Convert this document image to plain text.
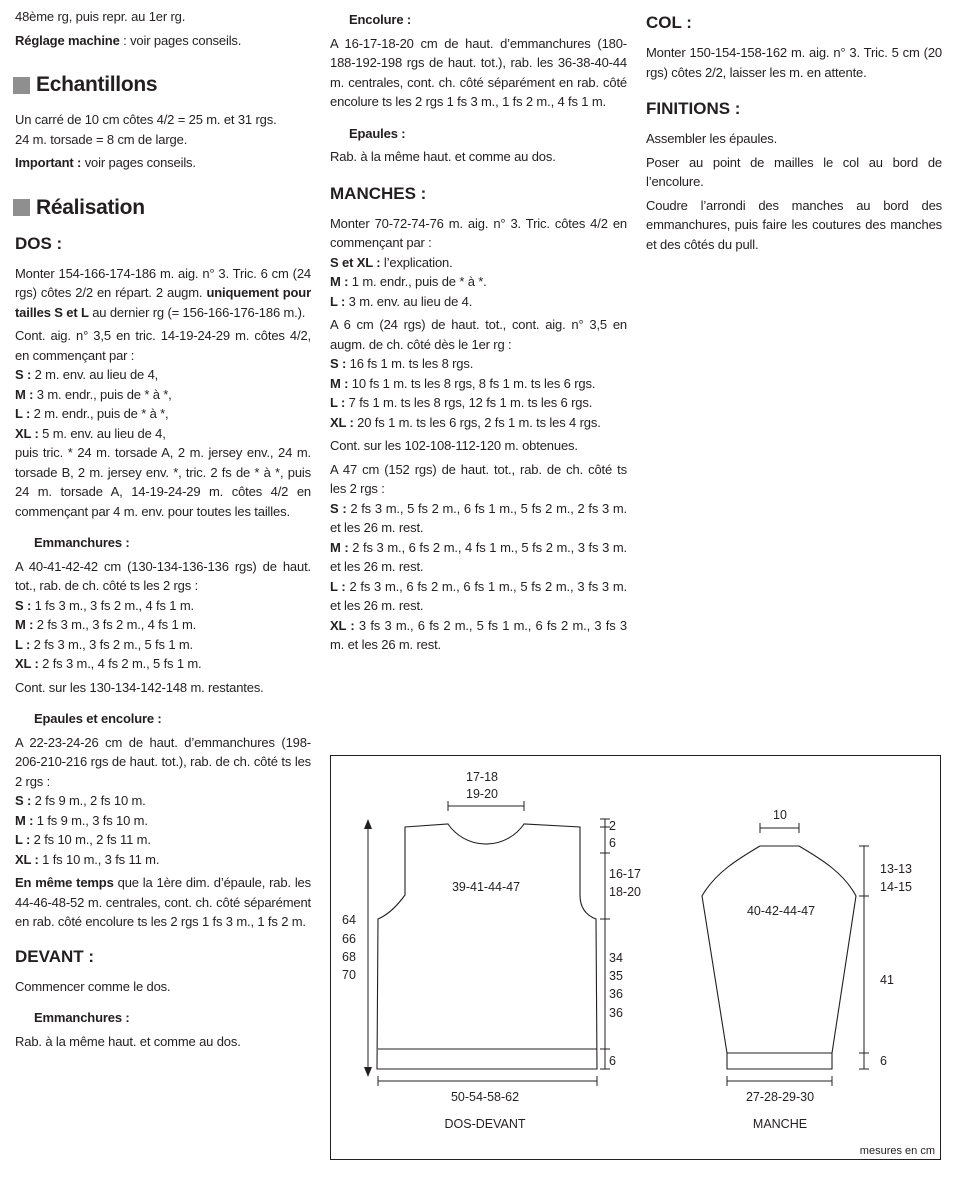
48ème rg, puis repr. au 1er rg.

Réglage machine : voir pages conseils.

Echantillons

Un carré de 10 cm côtes 4/2 = 25 m. et 31 rgs.

24 m. torsade = 8 cm de large.

Important : voir pages conseils.

Réalisation
DOS :

Monter 154-166-174-186 m. aig. n° 3. Tric. 6 cm (24 rgs) côtes 2/2 en répart. 2 augm. uniquement pour tailles S et L au dernier rg (= 156-166-176-186 m.).

Cont. aig. n° 3,5 en tric. 14-19-24-29 m. côtes 4/2, en commençant par :

S : 2 m. env. au lieu de 4,

M : 3 m. endr., puis de * à *,

L : 2 m. endr., puis de * à *,

XL : 5 m. env. au lieu de 4,

puis tric. * 24 m. torsade A, 2 m. jersey env., 24 m. torsade B, 2 m. jersey env. *, tric. 2 fs de * à *, puis 24 m. torsade A, 14-19-24-29 m. côtes 4/2 en commençant par 4 m. env. pour toutes les tailles.

Emmanchures :

A 40-41-42-42 cm (130-134-136-136 rgs) de haut. tot., rab. de ch. côté ts les 2 rgs :

S : 1 fs 3 m., 3 fs 2 m., 4 fs 1 m.

M : 2 fs 3 m., 3 fs 2 m., 4 fs 1 m.

L : 2 fs 3 m., 3 fs 2 m., 5 fs 1 m.

XL : 2 fs 3 m., 4 fs 2 m., 5 fs 1 m.

Cont. sur les 130-134-142-148 m. restantes.

Epaules et encolure :

A 22-23-24-26 cm de haut. d’emmanchures (198-206-210-216 rgs de haut. tot.), rab. de ch. côté ts les 2 rgs :

S : 2 fs 9 m., 2 fs 10 m.

M : 1 fs 9 m., 3 fs 10 m.

L : 2 fs 10 m., 2 fs 11 m.

XL : 1 fs 10 m., 3 fs 11 m.

En même temps que la 1ère dim. d’épaule, rab. les 44-46-48-52 m. centrales, cont. ch. côté séparément en rab. côté encolure ts les 2 rgs 1 fs 3 m., 1 fs 2 m.

DEVANT :

Commencer comme le dos.

Emmanchures :

Rab. à la même haut. et comme au dos.

Encolure :

A 16-17-18-20 cm de haut. d’emmanchures (180-188-192-198 rgs de haut. tot.), rab. les 36-38-40-44 m. centrales, cont. ch. côté séparément en rab. côté encolure ts les 2 rgs 1 fs 3 m., 1 fs 2 m., 4 fs 1 m.

Epaules :

Rab. à la même haut. et comme au dos.

MANCHES :

Monter 70-72-74-76 m. aig. n° 3. Tric. côtes 4/2 en commençant par :

S et XL : l’explication.

M : 1 m. endr., puis de * à *.

L : 3 m. env. au lieu de 4.

A 6 cm (24 rgs) de haut. tot., cont. aig. n° 3,5 en augm. de ch. côté dès le 1er rg :

S : 16 fs 1 m. ts les 8 rgs.

M : 10 fs 1 m. ts les 8 rgs, 8 fs 1 m. ts les 6 rgs.

L : 7 fs 1 m. ts les 8 rgs, 12 fs 1 m. ts les 6 rgs.

XL : 20 fs 1 m. ts les 6 rgs, 2 fs 1 m. ts les 4 rgs.

Cont. sur les 102-108-112-120 m. obtenues.

A 47 cm (152 rgs) de haut. tot., rab. de ch. côté ts les 2 rgs :

S : 2 fs 3 m., 5 fs 2 m., 6 fs 1 m., 5 fs 2 m., 2 fs 3 m. et les 26 m. rest.

M : 2 fs 3 m., 6 fs 2 m., 4 fs 1 m., 5 fs 2 m., 3 fs 3 m. et les 26 m. rest.

L : 2 fs 3 m., 6 fs 2 m., 6 fs 1 m., 5 fs 2 m., 3 fs 3 m. et les 26 m. rest.

XL : 3 fs 3 m., 6 fs 2 m., 5 fs 1 m., 6 fs 2 m., 3 fs 3 m. et les 26 m. rest.

COL :

Monter 150-154-158-162 m. aig. n° 3. Tric. 5 cm (20 rgs) côtes 2/2, laisser les m. en attente.

FINITIONS :

Assembler les épaules.

Poser au point de mailles le col au bord de l’encolure.

Coudre l’arrondi des manches au bord des emmanchures, puis faire les coutures des manches et des côtés du pull.

17-18
19-20
2
6
16-17
18-20
39-41-44-47
64
66
68
70
34
35
36
36
6
50-54-58-62
DOS-DEVANT
10
13-13
14-15
40-42-44-47
41
6
27-28-29-30
MANCHE
mesures en cm
